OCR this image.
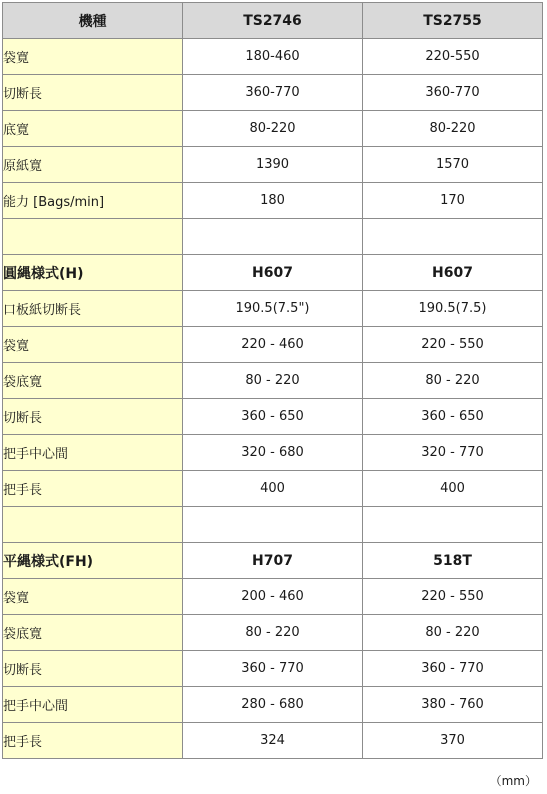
機種	TS2746	TS2755
袋寛	180-460	220-550
切断長	360-770	360-770
底寛	80-220	80-220
原紙寛	1390	1570
能力 [Bags/min]	180	170

圓縄様式(H)	H607	H607
口板紙切断長	190.5(7.5")	190.5(7.5)
袋寛	220 - 460	220 - 550
袋底寛	80 - 220	80 - 220
切断長	360 - 650	360 - 650
把手中心間	320 - 680	320 - 770
把手長	400	400

平縄様式(FH)	H707	518T
袋寛	200 - 460	220 - 550
袋底寛	80 - 220	80 - 220
切断長	360 - 770	360 - 770
把手中心間	280 - 680	380 - 760
把手長	324	370
（mm）
